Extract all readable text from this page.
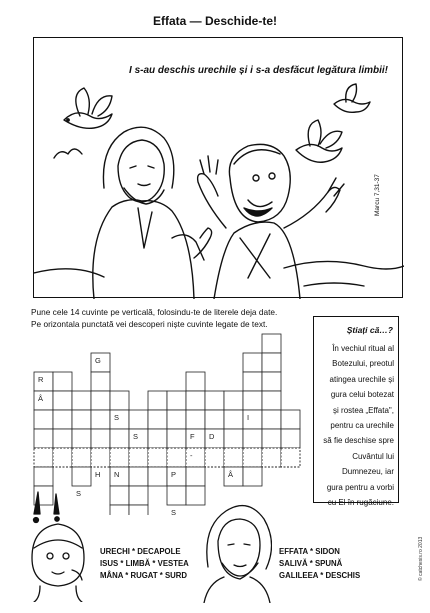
Effata — Deschide-te!
I s-au deschis urechile și i s-a desfăcut legătura limbii!
Marcu 7,31-37
Pune cele 14 cuvinte pe verticală, folosindu-te de literele deja date.
Pe orizontala punctată vei descoperi niște cuvinte legate de text.
G
R
Â
S	I
S	F D
H N	P	Â
S
S
-
Știați că…?
În vechiul ritual al
Botezului, preotul
atingea urechile și
gura celui botezat
și rostea „Effata",
pentru ca urechile
să fie deschise spre
Cuvântul lui
Dumnezeu, iar
gura pentru a vorbi
cu El în rugăciune.
URECHI * DECAPOLE
ISUS * LIMBĂ * VESTEA
MÂNA * RUGAT * SURD
EFFATA * SIDON
SALIVĂ * SPUNĂ
GALILEEA * DESCHIS	© catchesis.ro 2013
